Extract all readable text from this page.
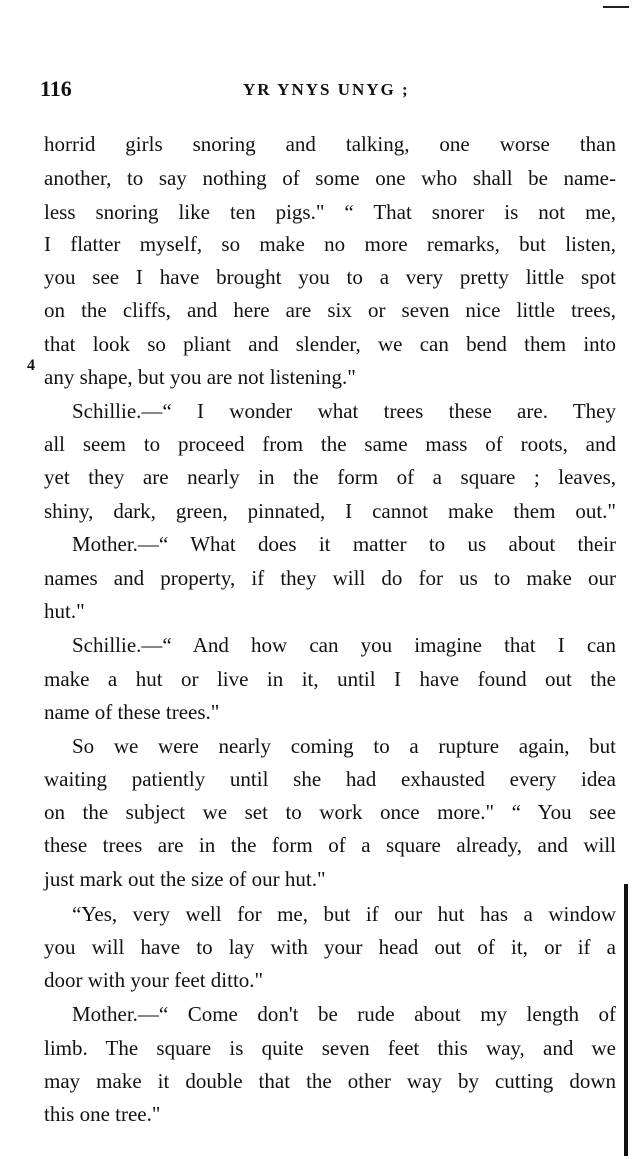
116	YR YNYS UNYG ;
4
horrid girls snoring and talking, one worse than
another, to say nothing of some one who shall be name-
less snoring like ten pigs." “ That snorer is not me,
I flatter myself, so make no more remarks, but listen,
you see I have brought you to a very pretty little spot
on the cliffs, and here are six or seven nice little trees,
that look so pliant and slender, we can bend them into
any shape, but you are not listening."
Schillie.—“ I wonder what trees these are. They
all seem to proceed from the same mass of roots, and
yet they are nearly in the form of a square ; leaves,
shiny, dark, green, pinnated, I cannot make them out."
Mother.—“ What does it matter to us about their
names and property, if they will do for us to make our
hut."
Schillie.—“ And how can you imagine that I can
make a hut or live in it, until I have found out the
name of these trees."
So we were nearly coming to a rupture again, but
waiting patiently until she had exhausted every idea
on the subject we set to work once more." “ You see
these trees are in the form of a square already, and will
just mark out the size of our hut."
“Yes, very well for me, but if our hut has a window
you will have to lay with your head out of it, or if a
door with your feet ditto."
Mother.—“ Come don't be rude about my length of
limb. The square is quite seven feet this way, and we
may make it double that the other way by cutting down
this one tree."
